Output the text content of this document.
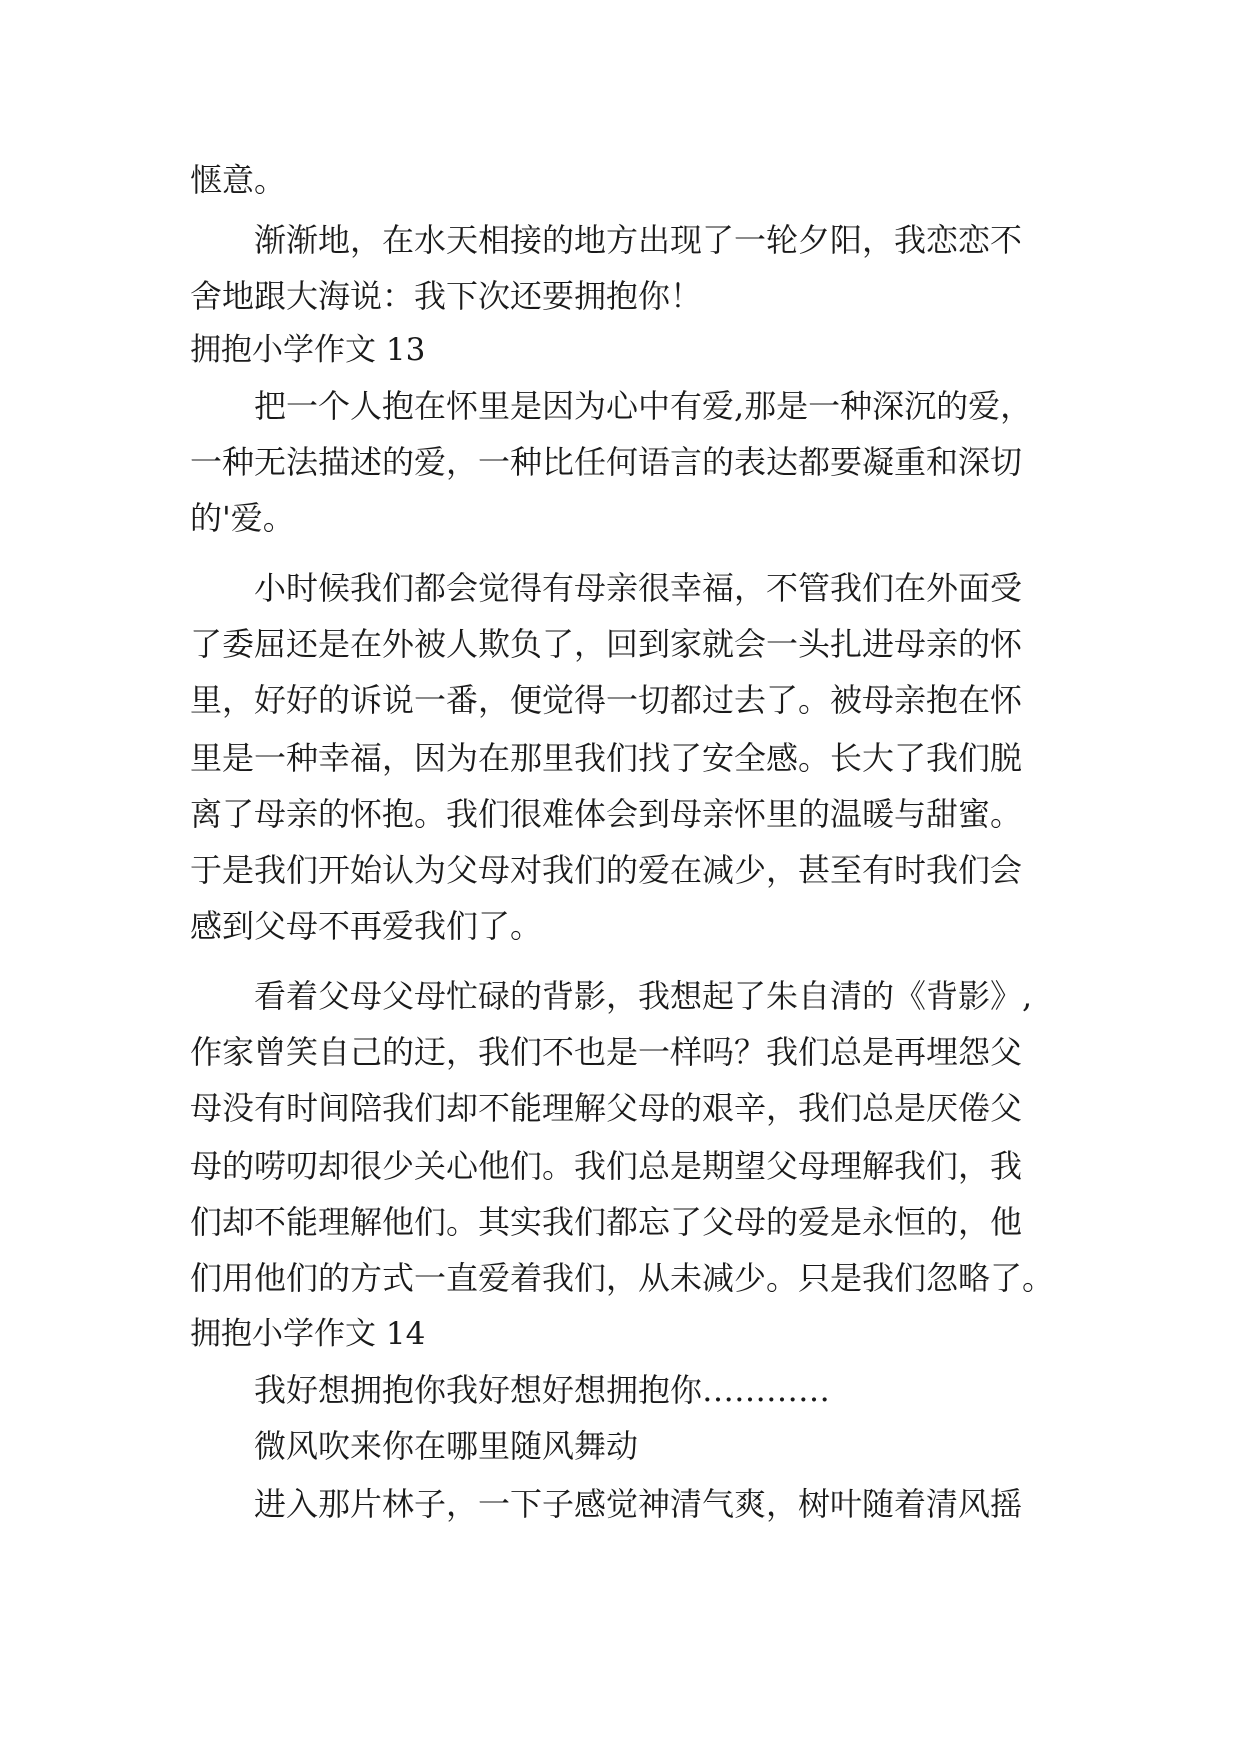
惬意。
渐渐地，在水天相接的地方出现了一轮夕阳，我恋恋不
舍地跟大海说：我下次还要拥抱你！
拥抱小学作文 13
把一个人抱在怀里是因为心中有爱,那是一种深沉的爱，
一种无法描述的爱，一种比任何语言的表达都要凝重和深切
的'爱。
小时候我们都会觉得有母亲很幸福，不管我们在外面受
了委屈还是在外被人欺负了，回到家就会一头扎进母亲的怀
里，好好的诉说一番，便觉得一切都过去了。被母亲抱在怀
里是一种幸福，因为在那里我们找了安全感。长大了我们脱
离了母亲的怀抱。我们很难体会到母亲怀里的温暖与甜蜜。
于是我们开始认为父母对我们的爱在减少，甚至有时我们会
感到父母不再爱我们了。
看着父母父母忙碌的背影，我想起了朱自清的《背影》,
作家曾笑自己的迂，我们不也是一样吗？我们总是再埋怨父
母没有时间陪我们却不能理解父母的艰辛，我们总是厌倦父
母的唠叨却很少关心他们。我们总是期望父母理解我们，我
们却不能理解他们。其实我们都忘了父母的爱是永恒的，他
们用他们的方式一直爱着我们，从未减少。只是我们忽略了。
拥抱小学作文 14
我好想拥抱你我好想好想拥抱你…………
微风吹来你在哪里随风舞动
进入那片林子，一下子感觉神清气爽，树叶随着清风摇
